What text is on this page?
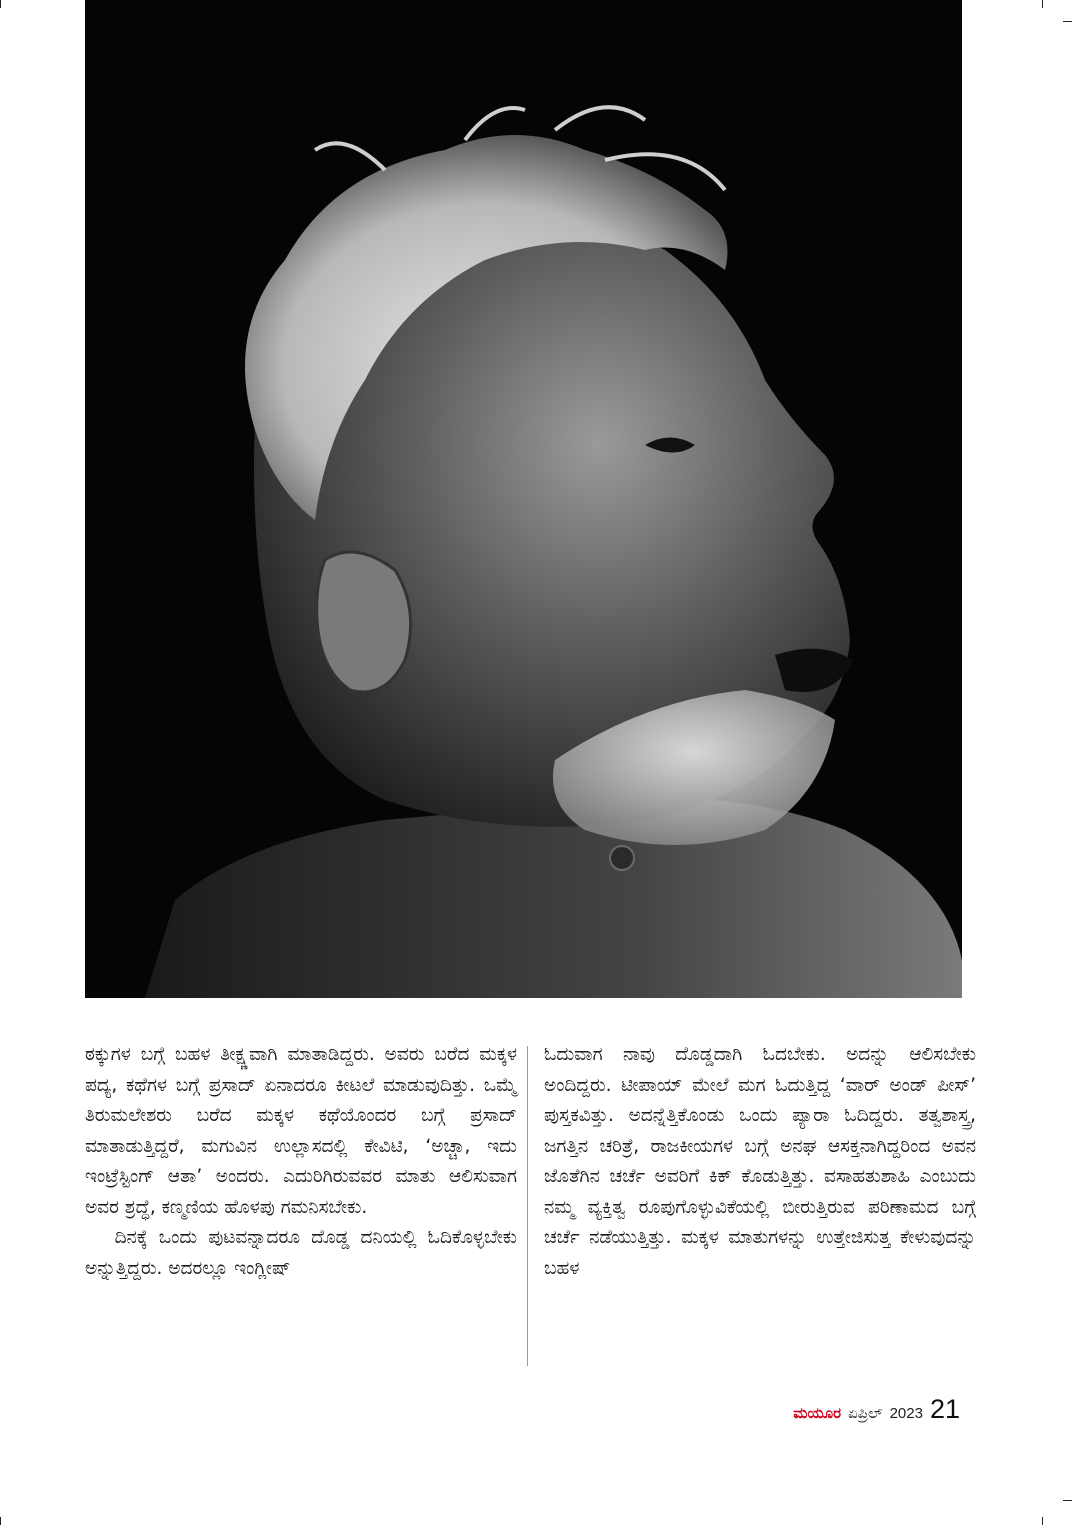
ಠಕ್ಕುಗಳ ಬಗ್ಗೆ ಬಹಳ ತೀಕ್ಷ್ಣವಾಗಿ ಮಾತಾಡಿದ್ದರು. ಅವರು ಬರೆದ ಮಕ್ಕಳ ಪದ್ಯ, ಕಥೆಗಳ ಬಗ್ಗೆ ಪ್ರಸಾದ್ ಏನಾದರೂ ಕೀಟಲೆ ಮಾಡುವುದಿತ್ತು. ಒಮ್ಮೆ ತಿರುಮಲೇಶರು ಬರೆದ ಮಕ್ಕಳ ಕಥೆಯೊಂದರ ಬಗ್ಗೆ ಪ್ರಸಾದ್ ಮಾತಾಡುತ್ತಿದ್ದರೆ, ಮಗುವಿನ ಉಲ್ಲಾಸದಲ್ಲಿ ಕೇವಿಟಿ, ‘ಅಚ್ಚಾ, ಇದು ಇಂಟ್ರೆಸ್ಟಿಂಗ್ ಆತಾ’ ಅಂದರು. ಎದುರಿಗಿರುವವರ ಮಾತು ಆಲಿಸುವಾಗ ಅವರ ಶ್ರದ್ಧೆ, ಕಣ್ಮಣಿಯ ಹೊಳಪು ಗಮನಿಸಬೇಕು.

ದಿನಕ್ಕೆ ಒಂದು ಪುಟವನ್ನಾದರೂ ದೊಡ್ಡ ದನಿಯಲ್ಲಿ ಓದಿಕೊಳ್ಳಬೇಕು ಅನ್ನುತ್ತಿದ್ದರು. ಅದರಲ್ಲೂ ಇಂಗ್ಲೀಷ್

ಓದುವಾಗ ನಾವು ದೊಡ್ಡದಾಗಿ ಓದಬೇಕು. ಅದನ್ನು ಆಲಿಸಬೇಕು ಅಂದಿದ್ದರು. ಟೀಪಾಯ್ ಮೇಲೆ ಮಗ ಓದುತ್ತಿದ್ದ ‘ವಾರ್ ಅಂಡ್ ಪೀಸ್’ ಪುಸ್ತಕವಿತ್ತು. ಅದನ್ನೆತ್ತಿಕೊಂಡು ಒಂದು ಪ್ಯಾರಾ ಓದಿದ್ದರು. ತತ್ವಶಾಸ್ತ್ರ, ಜಗತ್ತಿನ ಚರಿತ್ರೆ, ರಾಜಕೀಯಗಳ ಬಗ್ಗೆ ಅನಘ ಆಸಕ್ತನಾಗಿದ್ದರಿಂದ ಅವನ ಜೊತೆಗಿನ ಚರ್ಚೆ ಅವರಿಗೆ ಕಿಕ್ ಕೊಡುತ್ತಿತ್ತು. ವಸಾಹತುಶಾಹಿ ಎಂಬುದು ನಮ್ಮ ವ್ಯಕ್ತಿತ್ವ ರೂಪುಗೊಳ್ಳುವಿಕೆಯಲ್ಲಿ ಬೀರುತ್ತಿರುವ ಪರಿಣಾಮದ ಬಗ್ಗೆ ಚರ್ಚೆ ನಡೆಯುತ್ತಿತ್ತು. ಮಕ್ಕಳ ಮಾತುಗಳನ್ನು ಉತ್ತೇಜಿಸುತ್ತ ಕೇಳುವುದನ್ನು ಬಹಳ

ಮಯೂರ ಏಪ್ರಿಲ್ 2023 21
